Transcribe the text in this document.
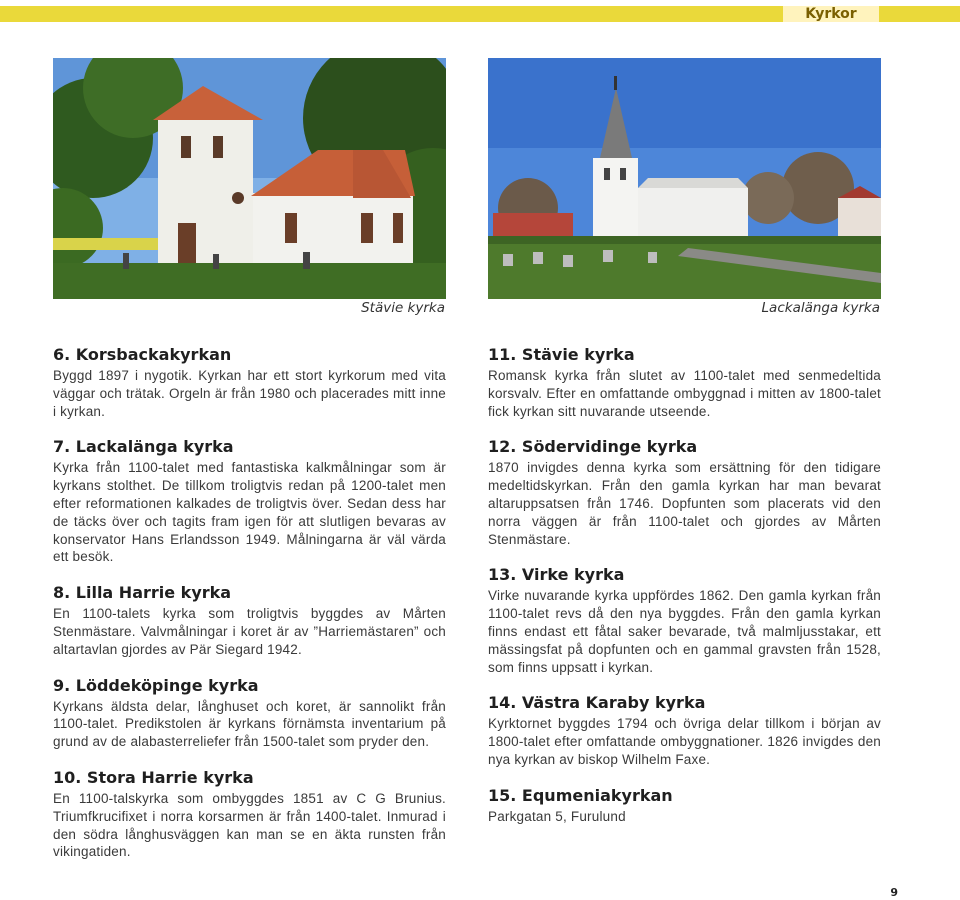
Kyrkor
Stävie kyrka	Lackalänga kyrka
6. Korsbackakyrkan

Byggd 1897 i nygotik. Kyrkan har ett stort kyrkorum med vita väggar och trätak. Orgeln är från 1980 och placerades mitt inne i kyrkan.

7. Lackalänga kyrka

Kyrka från 1100-talet med fantastiska kalkmålningar som är kyrkans stolthet. De tillkom troligtvis redan på 1200-talet men efter reformationen kalkades de troligtvis över. Sedan dess har de täcks över och tagits fram igen för att slutligen bevaras av konservator Hans Erlandsson 1949. Målningarna är väl värda ett besök.

8. Lilla Harrie kyrka

En 1100-talets kyrka som troligtvis byggdes av Mårten Stenmästare. Valvmålningar i koret är av ”Harriemästaren” och altartavlan gjordes av Pär Siegard 1942.

9. Löddeköpinge kyrka

Kyrkans äldsta delar, långhuset och koret, är sannolikt från 1100-talet. Predikstolen är kyrkans förnämsta inventarium på grund av de alabasterreliefer från 1500-talet som pryder den.

10. Stora Harrie kyrka

En 1100-talskyrka som ombyggdes 1851 av C G Brunius. Triumfkrucifixet i norra korsarmen är från 1400-talet. Inmurad i den södra långhusväggen kan man se en äkta runsten från vikingatiden.

11. Stävie kyrka

Romansk kyrka från slutet av 1100-talet med senmedeltida korsvalv. Efter en omfattande ombyggnad i mitten av 1800-talet fick kyrkan sitt nuvarande utseende.

12. Södervidinge kyrka

1870 invigdes denna kyrka som ersättning för den tidigare medeltidskyrkan. Från den gamla kyrkan har man bevarat altaruppsatsen från 1746. Dopfunten som placerats vid den norra väggen är från 1100-talet och gjordes av Mårten Stenmästare.

13. Virke kyrka

Virke nuvarande kyrka uppfördes 1862. Den gamla kyrkan från 1100-talet revs då den nya byggdes. Från den gamla kyrkan finns endast ett fåtal saker bevarade, två malmljusstakar, ett mässingsfat på dopfunten och en gammal gravsten från 1528, som finns uppsatt i kyrkan.

14. Västra Karaby kyrka

Kyrktornet byggdes 1794 och övriga delar tillkom i början av 1800-talet efter omfattande ombyggnationer. 1826 invigdes den nya kyrkan av biskop Wilhelm Faxe.

15. Equmeniakyrkan

Parkgatan 5, Furulund

9
